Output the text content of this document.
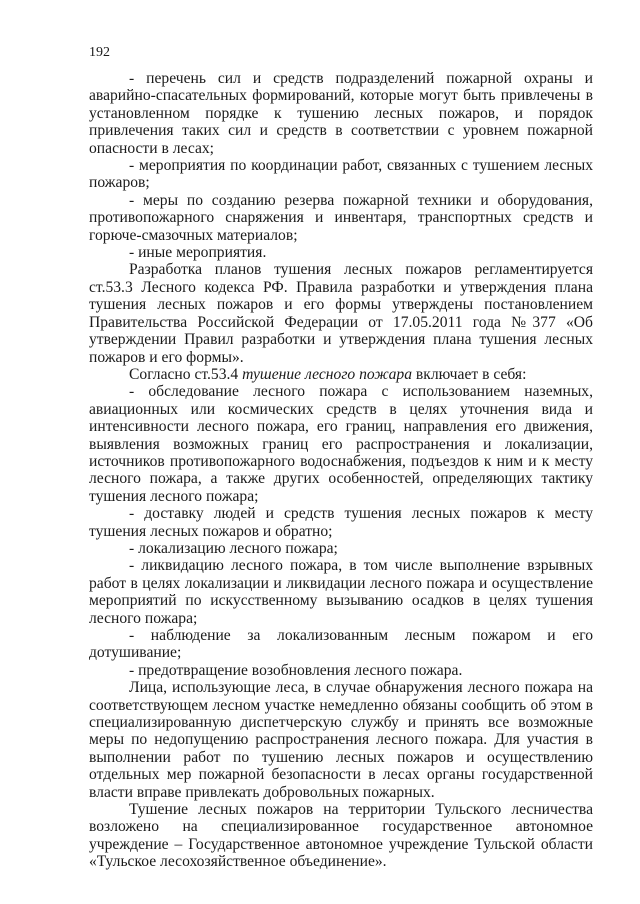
192

- перечень сил и средств подразделений пожарной охраны и аварийно-спасательных формирований, которые могут быть привлечены в установленном порядке к тушению лесных пожаров, и порядок привлечения таких сил и средств в соответствии с уровнем пожарной опасности в лесах;

- мероприятия по координации работ, связанных с тушением лесных пожаров;

- меры по созданию резерва пожарной техники и оборудования, противопожарного снаряжения и инвентаря, транспортных средств и горюче-смазочных материалов;

- иные мероприятия.

Разработка планов тушения лесных пожаров регламентируется ст.53.3 Лесного кодекса РФ. Правила разработки и утверждения плана тушения лесных пожаров и его формы утверждены постановлением Правительства Российской Федерации от 17.05.2011 года №377 «Об утверждении Правил разработки и утверждения плана тушения лесных пожаров и его формы».

Согласно ст.53.4 тушение лесного пожара включает в себя:

- обследование лесного пожара с использованием наземных, авиационных или космических средств в целях уточнения вида и интенсивности лесного пожара, его границ, направления его движения, выявления возможных границ его распространения и локализации, источников противопожарного водоснабжения, подъездов к ним и к месту лесного пожара, а также других особенностей, определяющих тактику тушения лесного пожара;

- доставку людей и средств тушения лесных пожаров к месту тушения лесных пожаров и обратно;

- локализацию лесного пожара;

- ликвидацию лесного пожара, в том числе выполнение взрывных работ в целях локализации и ликвидации лесного пожара и осуществление мероприятий по искусственному вызыванию осадков в целях тушения лесного пожара;

- наблюдение за локализованным лесным пожаром и его дотушивание;

- предотвращение возобновления лесного пожара.

Лица, использующие леса, в случае обнаружения лесного пожара на соответствующем лесном участке немедленно обязаны сообщить об этом в специализированную диспетчерскую службу и принять все возможные меры по недопущению распространения лесного пожара. Для участия в выполнении работ по тушению лесных пожаров и осуществлению отдельных мер пожарной безопасности в лесах органы государственной власти вправе привлекать добровольных пожарных.

Тушение лесных пожаров на территории Тульского лесничества возложено на специализированное государственное автономное учреждение – Государственное автономное учреждение Тульской области «Тульское лесохозяйственное объединение».
